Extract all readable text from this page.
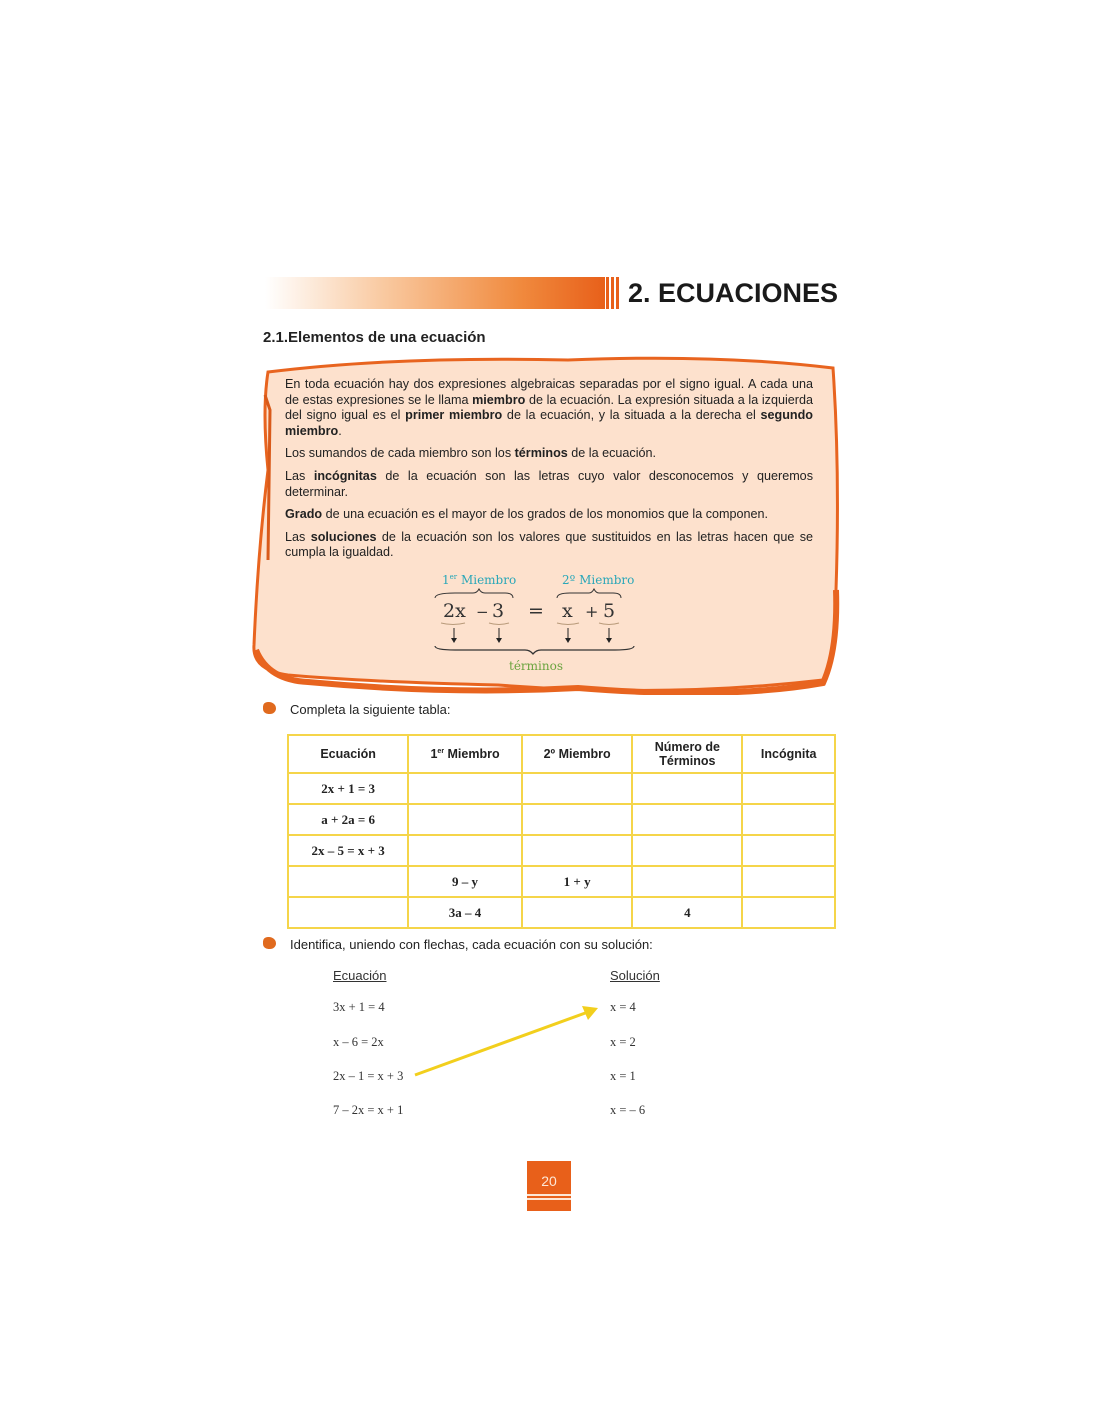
2. ECUACIONES
2.1.Elementos de una ecuación

En toda ecuación hay dos expresiones algebraicas separadas por el signo igual. A cada una de estas expresiones se le llama miembro de la ecuación. La expresión situada a la izquierda del signo igual es el primer miembro de la ecuación, y la situada a la derecha el segundo miembro.

Los sumandos de cada miembro son los términos de la ecuación.

Las incógnitas de la ecuación son las letras cuyo valor desconocemos y queremos determinar.

Grado de una ecuación es el mayor de los grados de los monomios que la componen.

Las soluciones de la ecuación son los valores que sustituidos en las letras hacen que se cumpla la igualdad.

1er Miembro	2º Miembro
2x − 3 = x + 5
términos
Completa la siguiente tabla:
Ecuación	1er Miembro	2º Miembro	Número de Términos	Incógnita
2x + 1 = 3				
a + 2a = 6				
2x – 5 = x + 3				
	9 – y	1 + y		
	3a – 4		4	
Identifica, uniendo con flechas, cada ecuación con su solución:
Ecuación	Solución
3x + 1 = 4	x = 4
x – 6 = 2x	x = 2
2x – 1 = x + 3	x = 1
7 – 2x = x + 1	x = – 6
20
